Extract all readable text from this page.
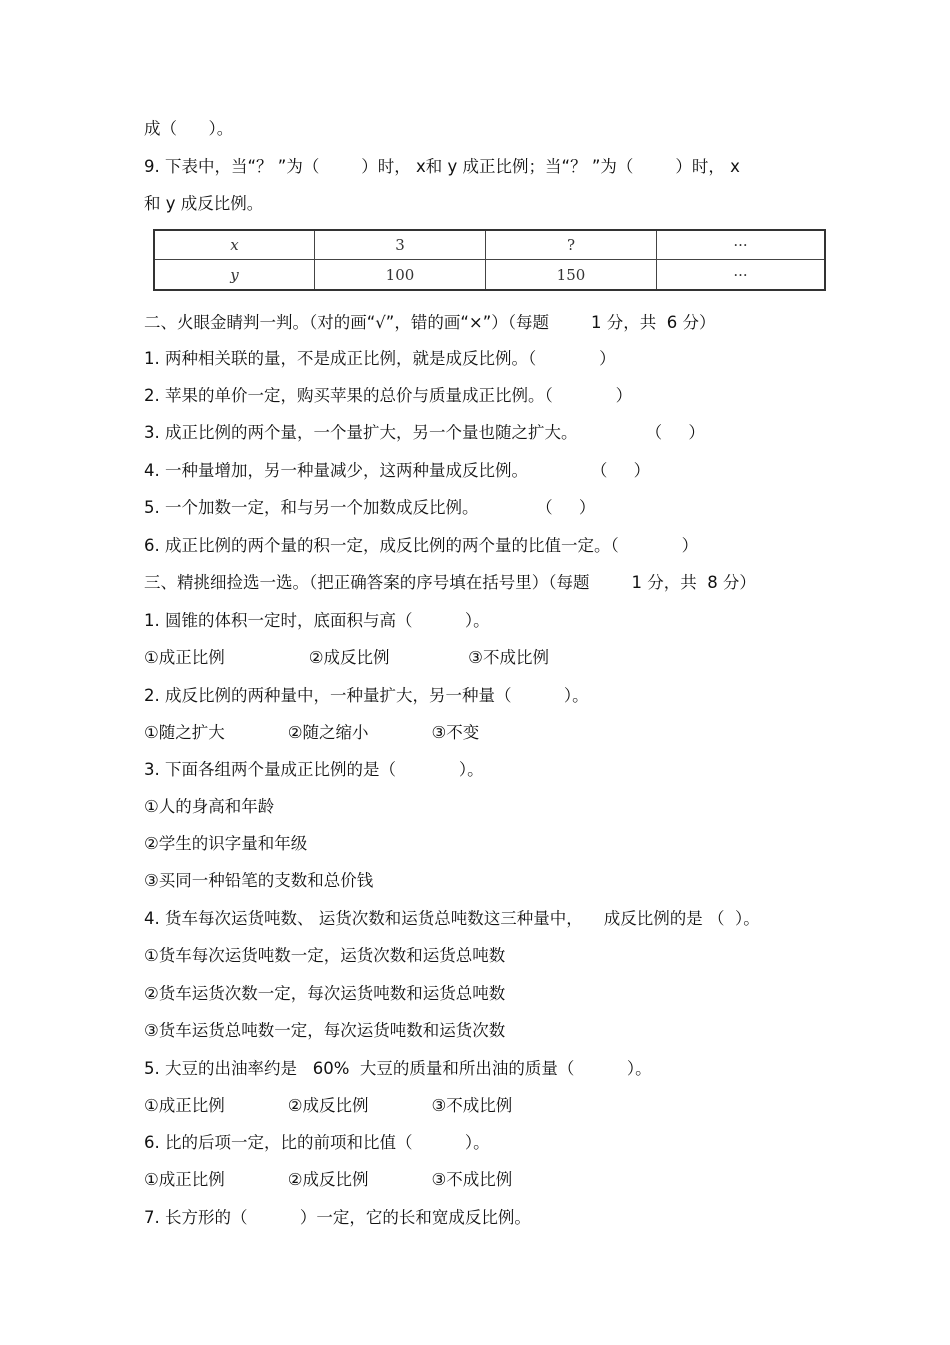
成（      ）。
9. 下表中，当“？ ”为（        ）时， x和 y 成正比例；当“？ ”为（        ）时， x
和 y 成反比例。
x	3	?	···
y	100	150	···
二、火眼金睛判一判。（对的画“√”，错的画“×”）（每题        1 分，共  6 分）
1. 两种相关联的量，不是成正比例，就是成反比例。（            ）
2. 苹果的单价一定，购买苹果的总价与质量成正比例。（            ）
3. 成正比例的两个量，一个量扩大，另一个量也随之扩大。             （     ）
4. 一种量增加，另一种量减少，这两种量成反比例。            （     ）
5. 一个加数一定，和与另一个加数成反比例。           （     ）
6. 成正比例的两个量的积一定，成反比例的两个量的比值一定。（            ）
三、精挑细捡选一选。（把正确答案的序号填在括号里）（每题        1 分，共  8 分）
1. 圆锥的体积一定时，底面积与高（          ）。
①成正比例                ②成反比例               ③不成比例
2. 成反比例的两种量中，一种量扩大，另一种量（          ）。
①随之扩大            ②随之缩小            ③不变
3. 下面各组两个量成正比例的是（            ）。
①人的身高和年龄
②学生的识字量和年级
③买同一种铅笔的支数和总价钱
4. 货车每次运货吨数、 运货次数和运货总吨数这三种量中，    成反比例的是 （  ）。
①货车每次运货吨数一定，运货次数和运货总吨数
②货车运货次数一定，每次运货吨数和运货总吨数
③货车运货总吨数一定，每次运货吨数和运货次数
5. 大豆的出油率约是   60%  大豆的质量和所出油的质量（          ）。
①成正比例            ②成反比例            ③不成比例
6. 比的后项一定，比的前项和比值（          ）。
①成正比例            ②成反比例            ③不成比例
7. 长方形的（          ）一定，它的长和宽成反比例。
